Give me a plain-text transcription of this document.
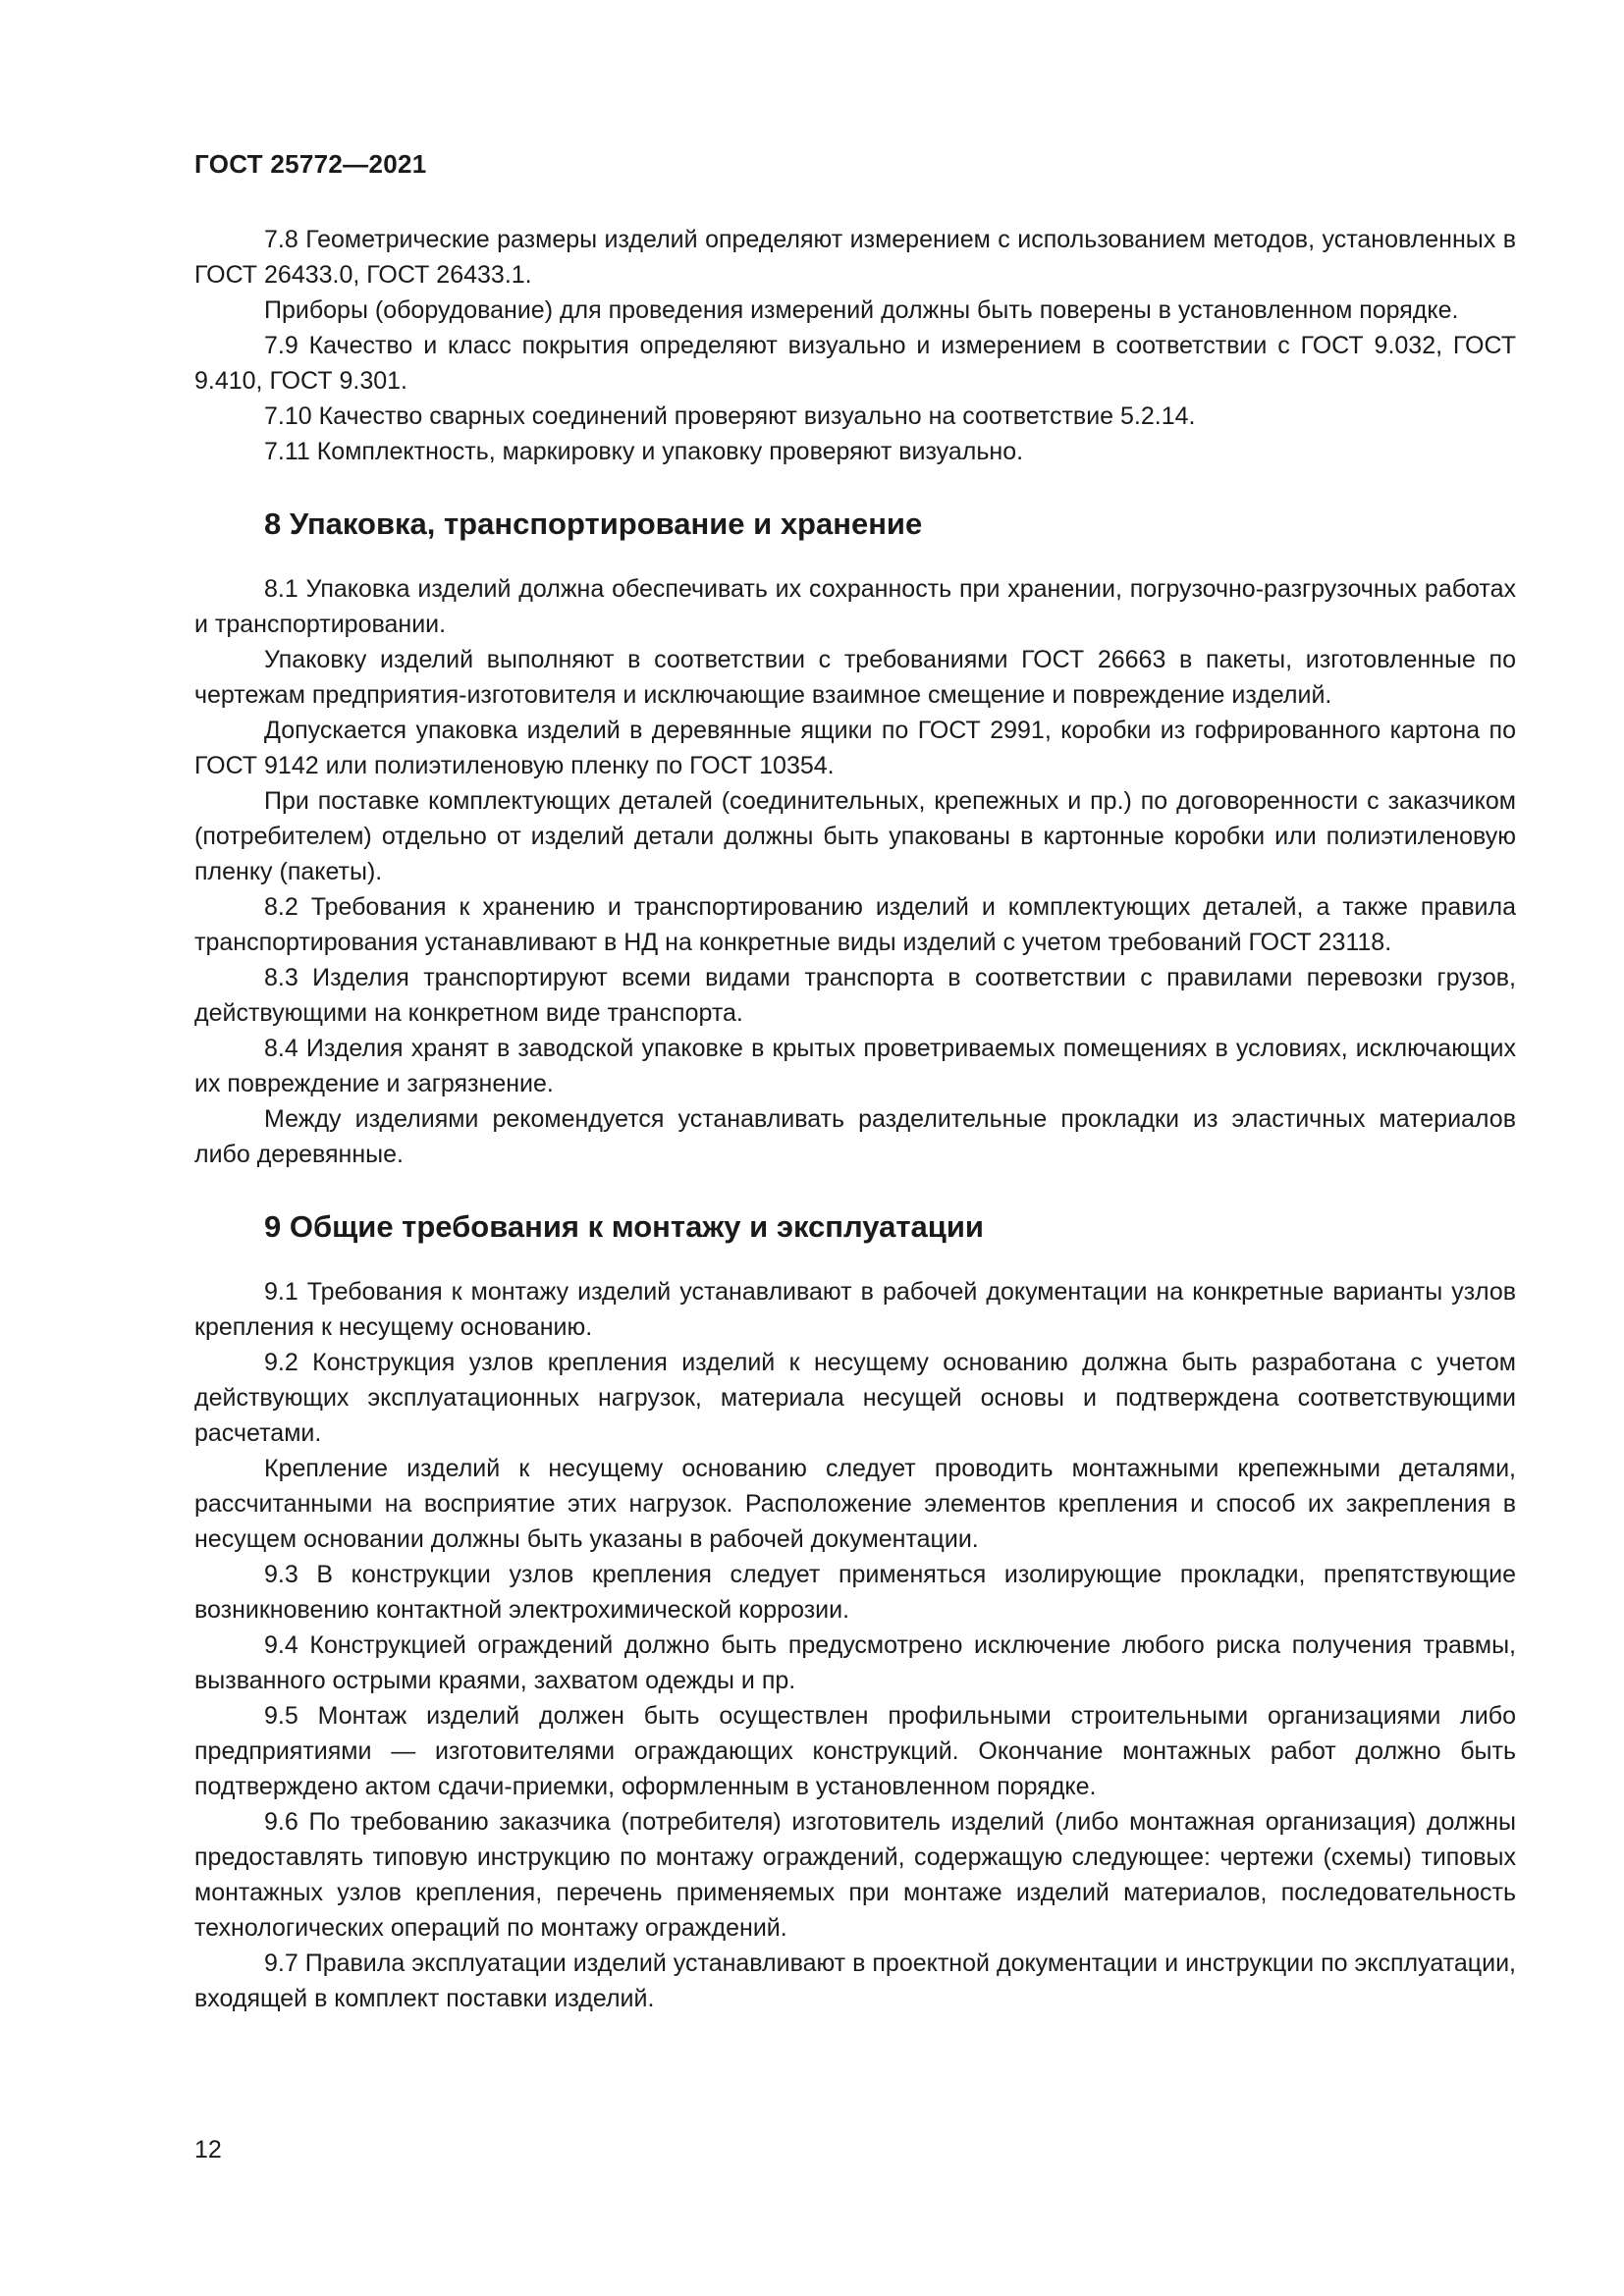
ГОСТ 25772—2021

7.8 Геометрические размеры изделий определяют измерением с использованием методов, установленных в ГОСТ 26433.0, ГОСТ 26433.1.

Приборы (оборудование) для проведения измерений должны быть поверены в установленном порядке.

7.9 Качество и класс покрытия определяют визуально и измерением в соответствии с ГОСТ 9.032, ГОСТ 9.410, ГОСТ 9.301.

7.10 Качество сварных соединений проверяют визуально на соответствие 5.2.14.

7.11 Комплектность, маркировку и упаковку проверяют визуально.

8 Упаковка, транспортирование и хранение

8.1 Упаковка изделий должна обеспечивать их сохранность при хранении, погрузочно-разгрузочных работах и транспортировании.

Упаковку изделий выполняют в соответствии с требованиями ГОСТ 26663 в пакеты, изготовленные по чертежам предприятия-изготовителя и исключающие взаимное смещение и повреждение изделий.

Допускается упаковка изделий в деревянные ящики по ГОСТ 2991, коробки из гофрированного картона по ГОСТ 9142 или полиэтиленовую пленку по ГОСТ 10354.

При поставке комплектующих деталей (соединительных, крепежных и пр.) по договоренности с заказчиком (потребителем) отдельно от изделий детали должны быть упакованы в картонные коробки или полиэтиленовую пленку (пакеты).

8.2 Требования к хранению и транспортированию изделий и комплектующих деталей, а также правила транспортирования устанавливают в НД на конкретные виды изделий с учетом требований ГОСТ 23118.

8.3 Изделия транспортируют всеми видами транспорта в соответствии с правилами перевозки грузов, действующими на конкретном виде транспорта.

8.4 Изделия хранят в заводской упаковке в крытых проветриваемых помещениях в условиях, исключающих их повреждение и загрязнение.

Между изделиями рекомендуется устанавливать разделительные прокладки из эластичных материалов либо деревянные.

9 Общие требования к монтажу и эксплуатации

9.1 Требования к монтажу изделий устанавливают в рабочей документации на конкретные варианты узлов крепления к несущему основанию.

9.2 Конструкция узлов крепления изделий к несущему основанию должна быть разработана с учетом действующих эксплуатационных нагрузок, материала несущей основы и подтверждена соответствующими расчетами.

Крепление изделий к несущему основанию следует проводить монтажными крепежными деталями, рассчитанными на восприятие этих нагрузок. Расположение элементов крепления и способ их закрепления в несущем основании должны быть указаны в рабочей документации.

9.3 В конструкции узлов крепления следует применяться изолирующие прокладки, препятствующие возникновению контактной электрохимической коррозии.

9.4 Конструкцией ограждений должно быть предусмотрено исключение любого риска получения травмы, вызванного острыми краями, захватом одежды и пр.

9.5 Монтаж изделий должен быть осуществлен профильными строительными организациями либо предприятиями — изготовителями ограждающих конструкций. Окончание монтажных работ должно быть подтверждено актом сдачи-приемки, оформленным в установленном порядке.

9.6 По требованию заказчика (потребителя) изготовитель изделий (либо монтажная организация) должны предоставлять типовую инструкцию по монтажу ограждений, содержащую следующее: чертежи (схемы) типовых монтажных узлов крепления, перечень применяемых при монтаже изделий материалов, последовательность технологических операций по монтажу ограждений.

9.7 Правила эксплуатации изделий устанавливают в проектной документации и инструкции по эксплуатации, входящей в комплект поставки изделий.

12
